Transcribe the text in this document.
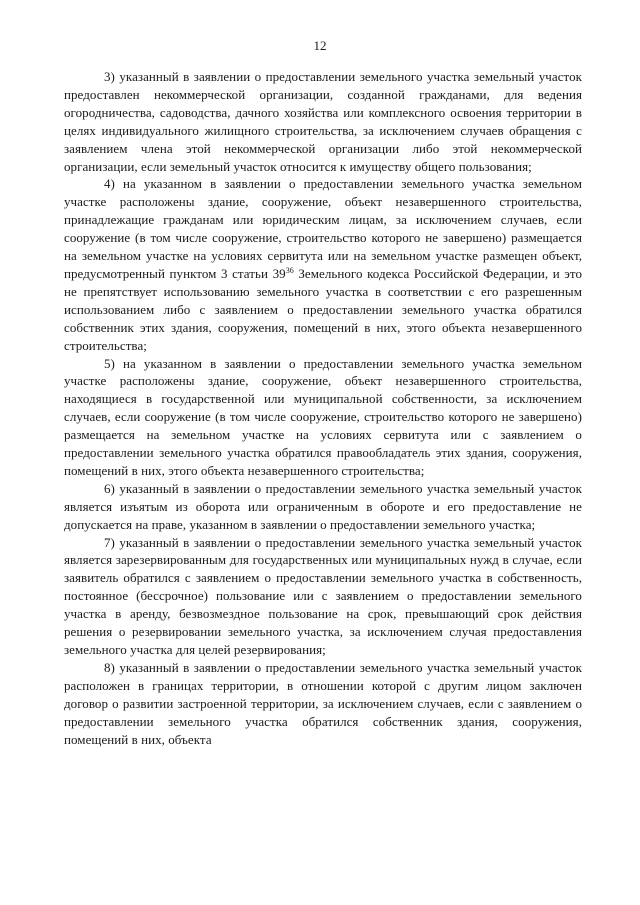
12

3) указанный в заявлении о предоставлении земельного участка земельный участок предоставлен некоммерческой организации, созданной гражданами, для ведения огородничества, садоводства, дачного хозяйства или комплексного освоения территории в целях индивидуального жилищного строительства, за исключением случаев обращения с заявлением члена этой некоммерческой организации либо этой некоммерческой организации, если земельный участок относится к имуществу общего пользования;

4) на указанном в заявлении о предоставлении земельного участка земельном участке расположены здание, сооружение, объект незавершенного строительства, принадлежащие гражданам или юридическим лицам, за исключением случаев, если сооружение (в том числе сооружение, строительство которого не завершено) размещается на земельном участке на условиях сервитута или на земельном участке размещен объект, предусмотренный пунктом 3 статьи $39^{36}$ Земельного кодекса Российской Федерации, и это не препятствует использованию земельного участка в соответствии с его разрешенным использованием либо с заявлением о предоставлении земельного участка обратился собственник этих здания, сооружения, помещений в них, этого объекта незавершенного строительства;

5) на указанном в заявлении о предоставлении земельного участка земельном участке расположены здание, сооружение, объект незавершенного строительства, находящиеся в государственной или муниципальной собственности, за исключением случаев, если сооружение (в том числе сооружение, строительство которого не завершено) размещается на земельном участке на условиях сервитута или с заявлением о предоставлении земельного участка обратился правообладатель этих здания, сооружения, помещений в них, этого объекта незавершенного строительства;

6) указанный в заявлении о предоставлении земельного участка земельный участок является изъятым из оборота или ограниченным в обороте и его предоставление не допускается на праве, указанном в заявлении о предоставлении земельного участка;

7) указанный в заявлении о предоставлении земельного участка земельный участок является зарезервированным для государственных или муниципальных нужд в случае, если заявитель обратился с заявлением о предоставлении земельного участка в собственность, постоянное (бессрочное) пользование или с заявлением о предоставлении земельного участка в аренду, безвозмездное пользование на срок, превышающий срок действия решения о резервировании земельного участка, за исключением случая предоставления земельного участка для целей резервирования;

8) указанный в заявлении о предоставлении земельного участка земельный участок расположен в границах территории, в отношении которой с другим лицом заключен договор о развитии застроенной территории, за исключением случаев, если с заявлением о предоставлении земельного участка обратился собственник здания, сооружения, помещений в них, объекта
